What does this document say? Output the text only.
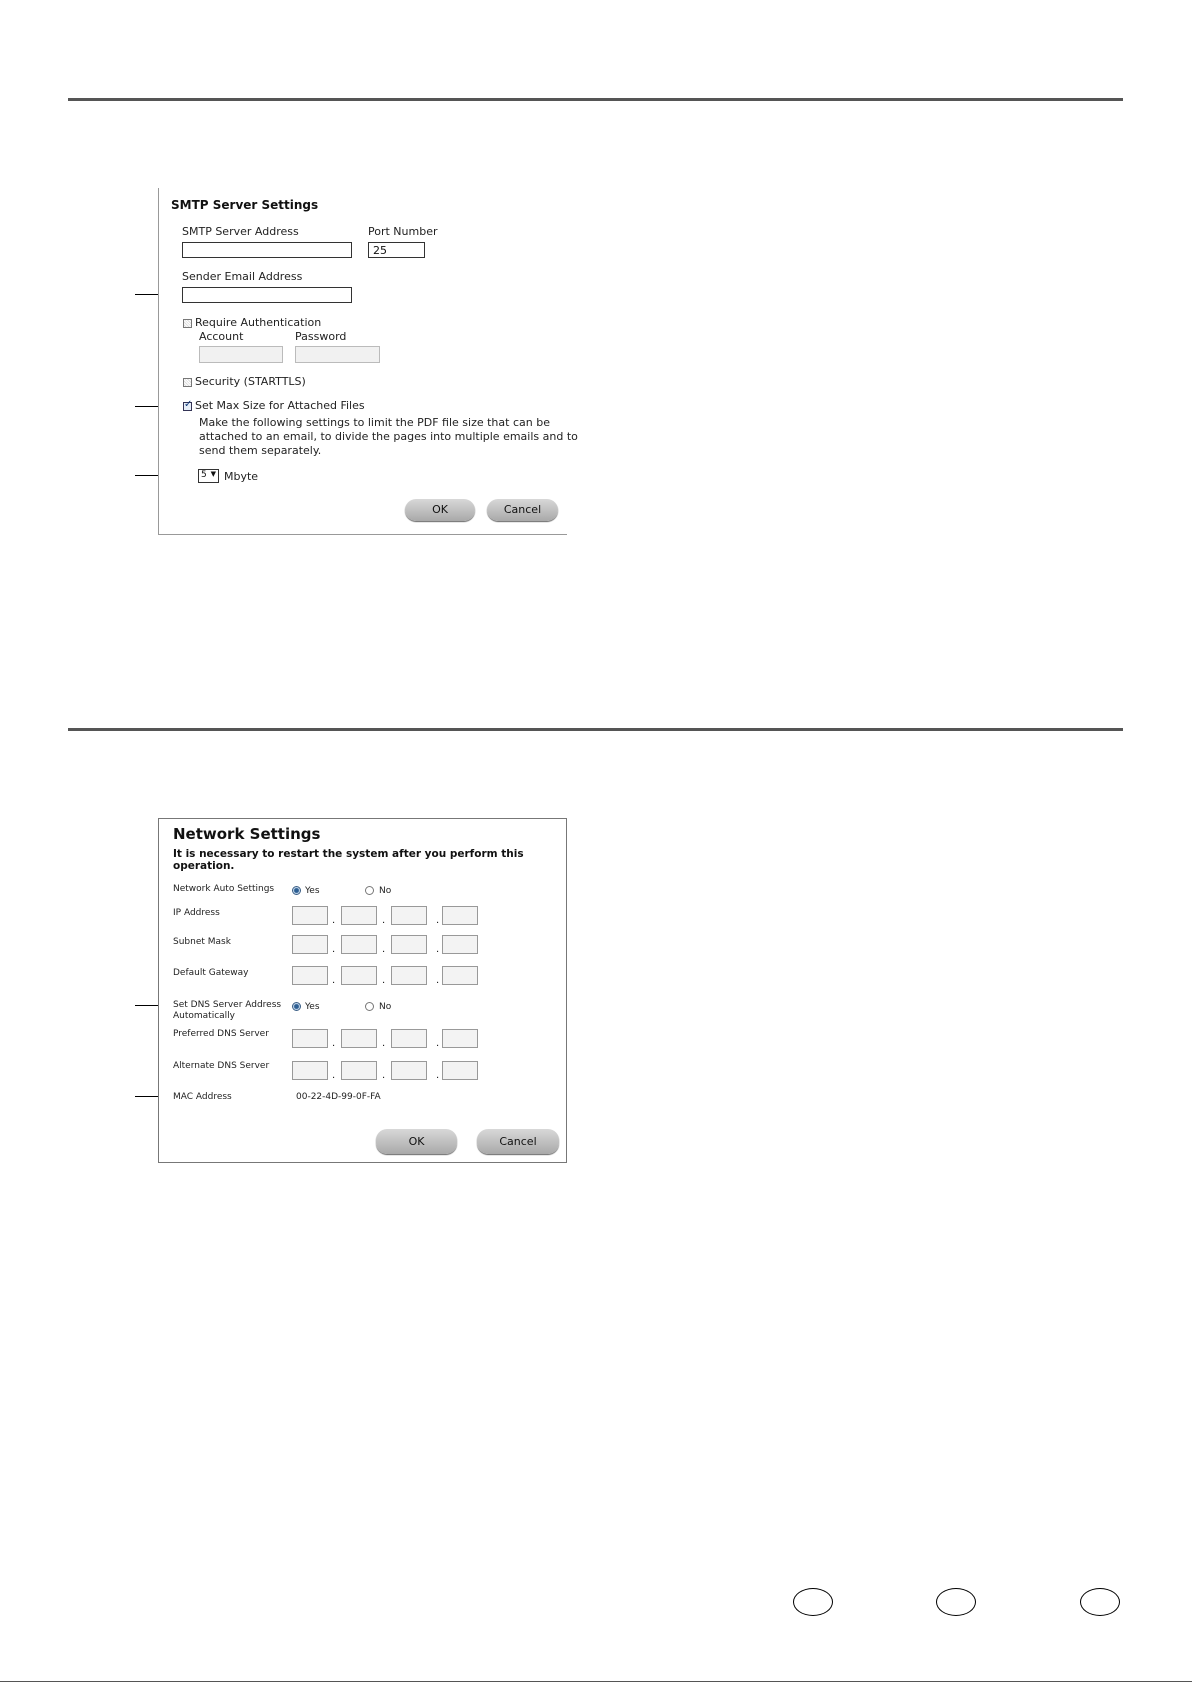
SMTP Server Settings
SMTP Server Address	Port Number
25
Sender Email Address
Require Authentication
Account	Password
Security (STARTTLS)
✓
Set Max Size for Attached Files
Make the following settings to limit the PDF file size that can be
attached to an email, to divide the pages into multiple emails and to
send them separately.
5 ▼ Mbyte
OK	Cancel
Network Settings
It is necessary to restart the system after you perform this operation.
Network Auto Settings	Yes	No
IP Address
.	.	.
Subnet Mask
.	.	.
Default Gateway
.	.	.
Set DNS Server Address
Automatically
Yes	No
Preferred DNS Server
.	.	.
Alternate DNS Server
.	.	.
MAC Address	00-22-4D-99-0F-FA
OK	Cancel
